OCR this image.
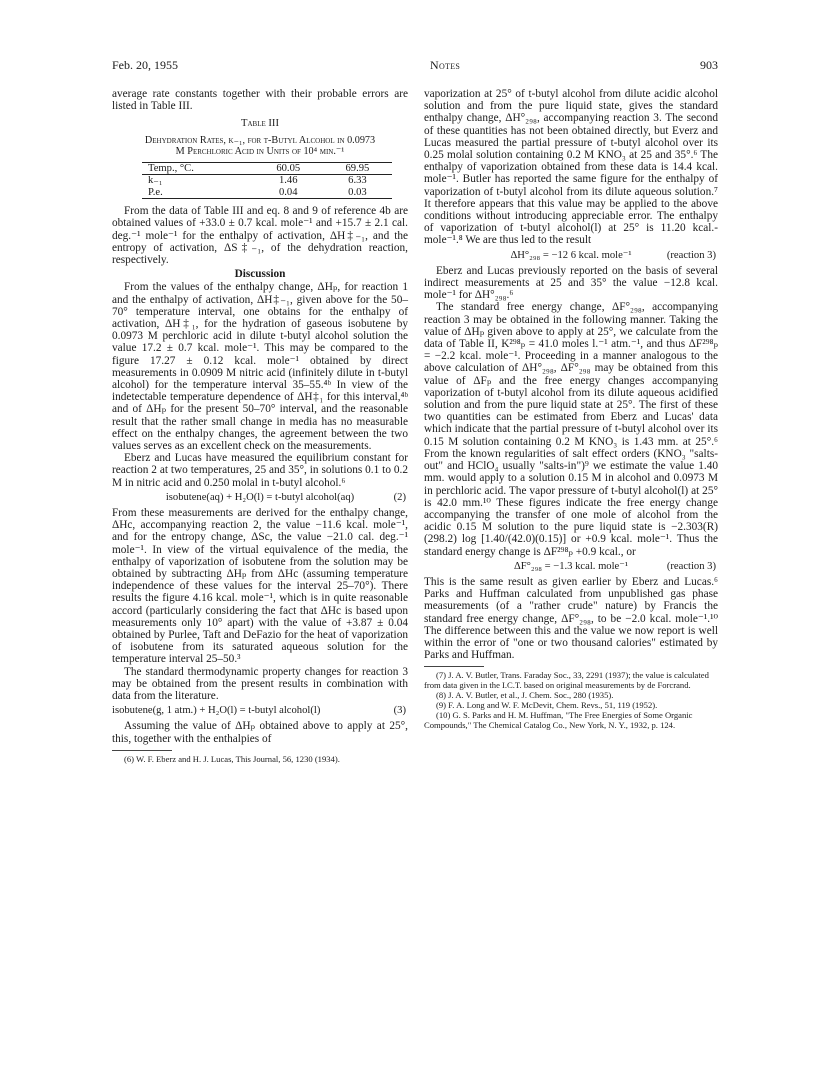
Feb. 20, 1955	Notes	903

average rate constants together with their probable errors are listed in Table III.

Table III
Dehydration Rates, k₋₁, for t-Butyl Alcohol in 0.0973
M Perchloric Acid in Units of 10⁴ min.⁻¹
Temp., °C.	60.05	69.95
k₋₁	1.46	6.33
P.e.	0.04	0.03

From the data of Table III and eq. 8 and 9 of reference 4b are obtained values of +33.0 ± 0.7 kcal. mole⁻¹ and +15.7 ± 2.1 cal. deg.⁻¹ mole⁻¹ for the enthalpy of activation, ΔH‡₋₁, and the entropy of activation, ΔS‡₋₁, of the dehydration reaction, respectively.

Discussion

From the values of the enthalpy change, ΔHₚ, for reaction 1 and the enthalpy of activation, ΔH‡₋₁, given above for the 50–70° temperature interval, one obtains for the enthalpy of activation, ΔH‡₁, for the hydration of gaseous isobutene by 0.0973 M perchloric acid in dilute t-butyl alcohol solution the value 17.2 ± 0.7 kcal. mole⁻¹. This may be compared to the figure 17.27 ± 0.12 kcal. mole⁻¹ obtained by direct measurements in 0.0909 M nitric acid (infinitely dilute in t-butyl alcohol) for the temperature interval 35–55.⁴ᵇ In view of the indetectable temperature dependence of ΔH‡₁ for this interval,⁴ᵇ and of ΔHₚ for the present 50–70° interval, and the reasonable result that the rather small change in media has no measurable effect on the enthalpy changes, the agreement between the two values serves as an excellent check on the measurements.

Eberz and Lucas have measured the equilibrium constant for reaction 2 at two temperatures, 25 and 35°, in solutions 0.1 to 0.2 M in nitric acid and 0.250 molal in t-butyl alcohol.⁶

isobutene(aq) + H₂O(l) = t-butyl alcohol(aq)	(2)

From these measurements are derived for the enthalpy change, ΔHc, accompanying reaction 2, the value −11.6 kcal. mole⁻¹, and for the entropy change, ΔSc, the value −21.0 cal. deg.⁻¹ mole⁻¹. In view of the virtual equivalence of the media, the enthalpy of vaporization of isobutene from the solution may be obtained by subtracting ΔHₚ from ΔHc (assuming temperature independence of these values for the interval 25–70°). There results the figure 4.16 kcal. mole⁻¹, which is in quite reasonable accord (particularly considering the fact that ΔHc is based upon measurements only 10° apart) with the value of +3.87 ± 0.04 obtained by Purlee, Taft and DeFazio for the heat of vaporization of isobutene from its saturated aqueous solution for the temperature interval 25–50.³

The standard thermodynamic property changes for reaction 3 may be obtained from the present results in combination with data from the literature.

isobutene(g, 1 atm.) + H₂O(l) = t-butyl alcohol(l)	(3)

Assuming the value of ΔHₚ obtained above to apply at 25°, this, together with the enthalpies of

(6) W. F. Eberz and H. J. Lucas, This Journal, 56, 1230 (1934).

vaporization at 25° of t-butyl alcohol from dilute acidic alcohol solution and from the pure liquid state, gives the standard enthalpy change, ΔH°₂₉₈, accompanying reaction 3. The second of these quantities has not been obtained directly, but Everz and Lucas measured the partial pressure of t-butyl alcohol over its 0.25 molal solution containing 0.2 M KNO₃ at 25 and 35°.⁶ The enthalpy of vaporization obtained from these data is 14.4 kcal. mole⁻¹. Butler has reported the same figure for the enthalpy of vaporization of t-butyl alcohol from its dilute aqueous solution.⁷ It therefore appears that this value may be applied to the above conditions without introducing appreciable error. The enthalpy of vaporization of t-butyl alcohol(l) at 25° is 11.20 kcal.-mole⁻¹.⁸ We are thus led to the result

ΔH°₂₉₈ = −12 6 kcal. mole⁻¹	(reaction 3)

Eberz and Lucas previously reported on the basis of several indirect measurements at 25 and 35° the value −12.8 kcal. mole⁻¹ for ΔH°₂₉₈.⁶

The standard free energy change, ΔF°₂₉₈, accompanying reaction 3 may be obtained in the following manner. Taking the value of ΔHₚ given above to apply at 25°, we calculate from the data of Table II, K²⁹⁸ₚ = 41.0 moles l.⁻¹ atm.⁻¹, and thus ΔF²⁹⁸ₚ = −2.2 kcal. mole⁻¹. Proceeding in a manner analogous to the above calculation of ΔH°₂₉₈, ΔF°₂₉₈ may be obtained from this value of ΔFₚ and the free energy changes accompanying vaporization of t-butyl alcohol from its dilute aqueous acidified solution and from the pure liquid state at 25°. The first of these two quantities can be estimated from Eberz and Lucas' data which indicate that the partial pressure of t-butyl alcohol over its 0.15 M solution containing 0.2 M KNO₃ is 1.43 mm. at 25°.⁶ From the known regularities of salt effect orders (KNO₃ "salts-out" and HClO₄ usually "salts-in")⁹ we estimate the value 1.40 mm. would apply to a solution 0.15 M in alcohol and 0.0973 M in perchloric acid. The vapor pressure of t-butyl alcohol(l) at 25° is 42.0 mm.¹⁰ These figures indicate the free energy change accompanying the transfer of one mole of alcohol from the acidic 0.15 M solution to the pure liquid state is −2.303(R)(298.2) log [1.40/(42.0)(0.15)] or +0.9 kcal. mole⁻¹. Thus the standard energy change is ΔF²⁹⁸ₚ +0.9 kcal., or

ΔF°₂₉₈ = −1.3 kcal. mole⁻¹	(reaction 3)

This is the same result as given earlier by Eberz and Lucas.⁶ Parks and Huffman calculated from unpublished gas phase measurements (of a "rather crude" nature) by Francis the standard free energy change, ΔF°₂₉₈, to be −2.0 kcal. mole⁻¹.¹⁰ The difference between this and the value we now report is well within the error of "one or two thousand calories" estimated by Parks and Huffman.

(7) J. A. V. Butler, Trans. Faraday Soc., 33, 2291 (1937); the value is calculated from data given in the I.C.T. based on original measurements by de Forcrand.

(8) J. A. V. Butler, et al., J. Chem. Soc., 280 (1935).

(9) F. A. Long and W. F. McDevit, Chem. Revs., 51, 119 (1952).

(10) G. S. Parks and H. M. Huffman, "The Free Energies of Some Organic Compounds," The Chemical Catalog Co., New York, N. Y., 1932, p. 124.
